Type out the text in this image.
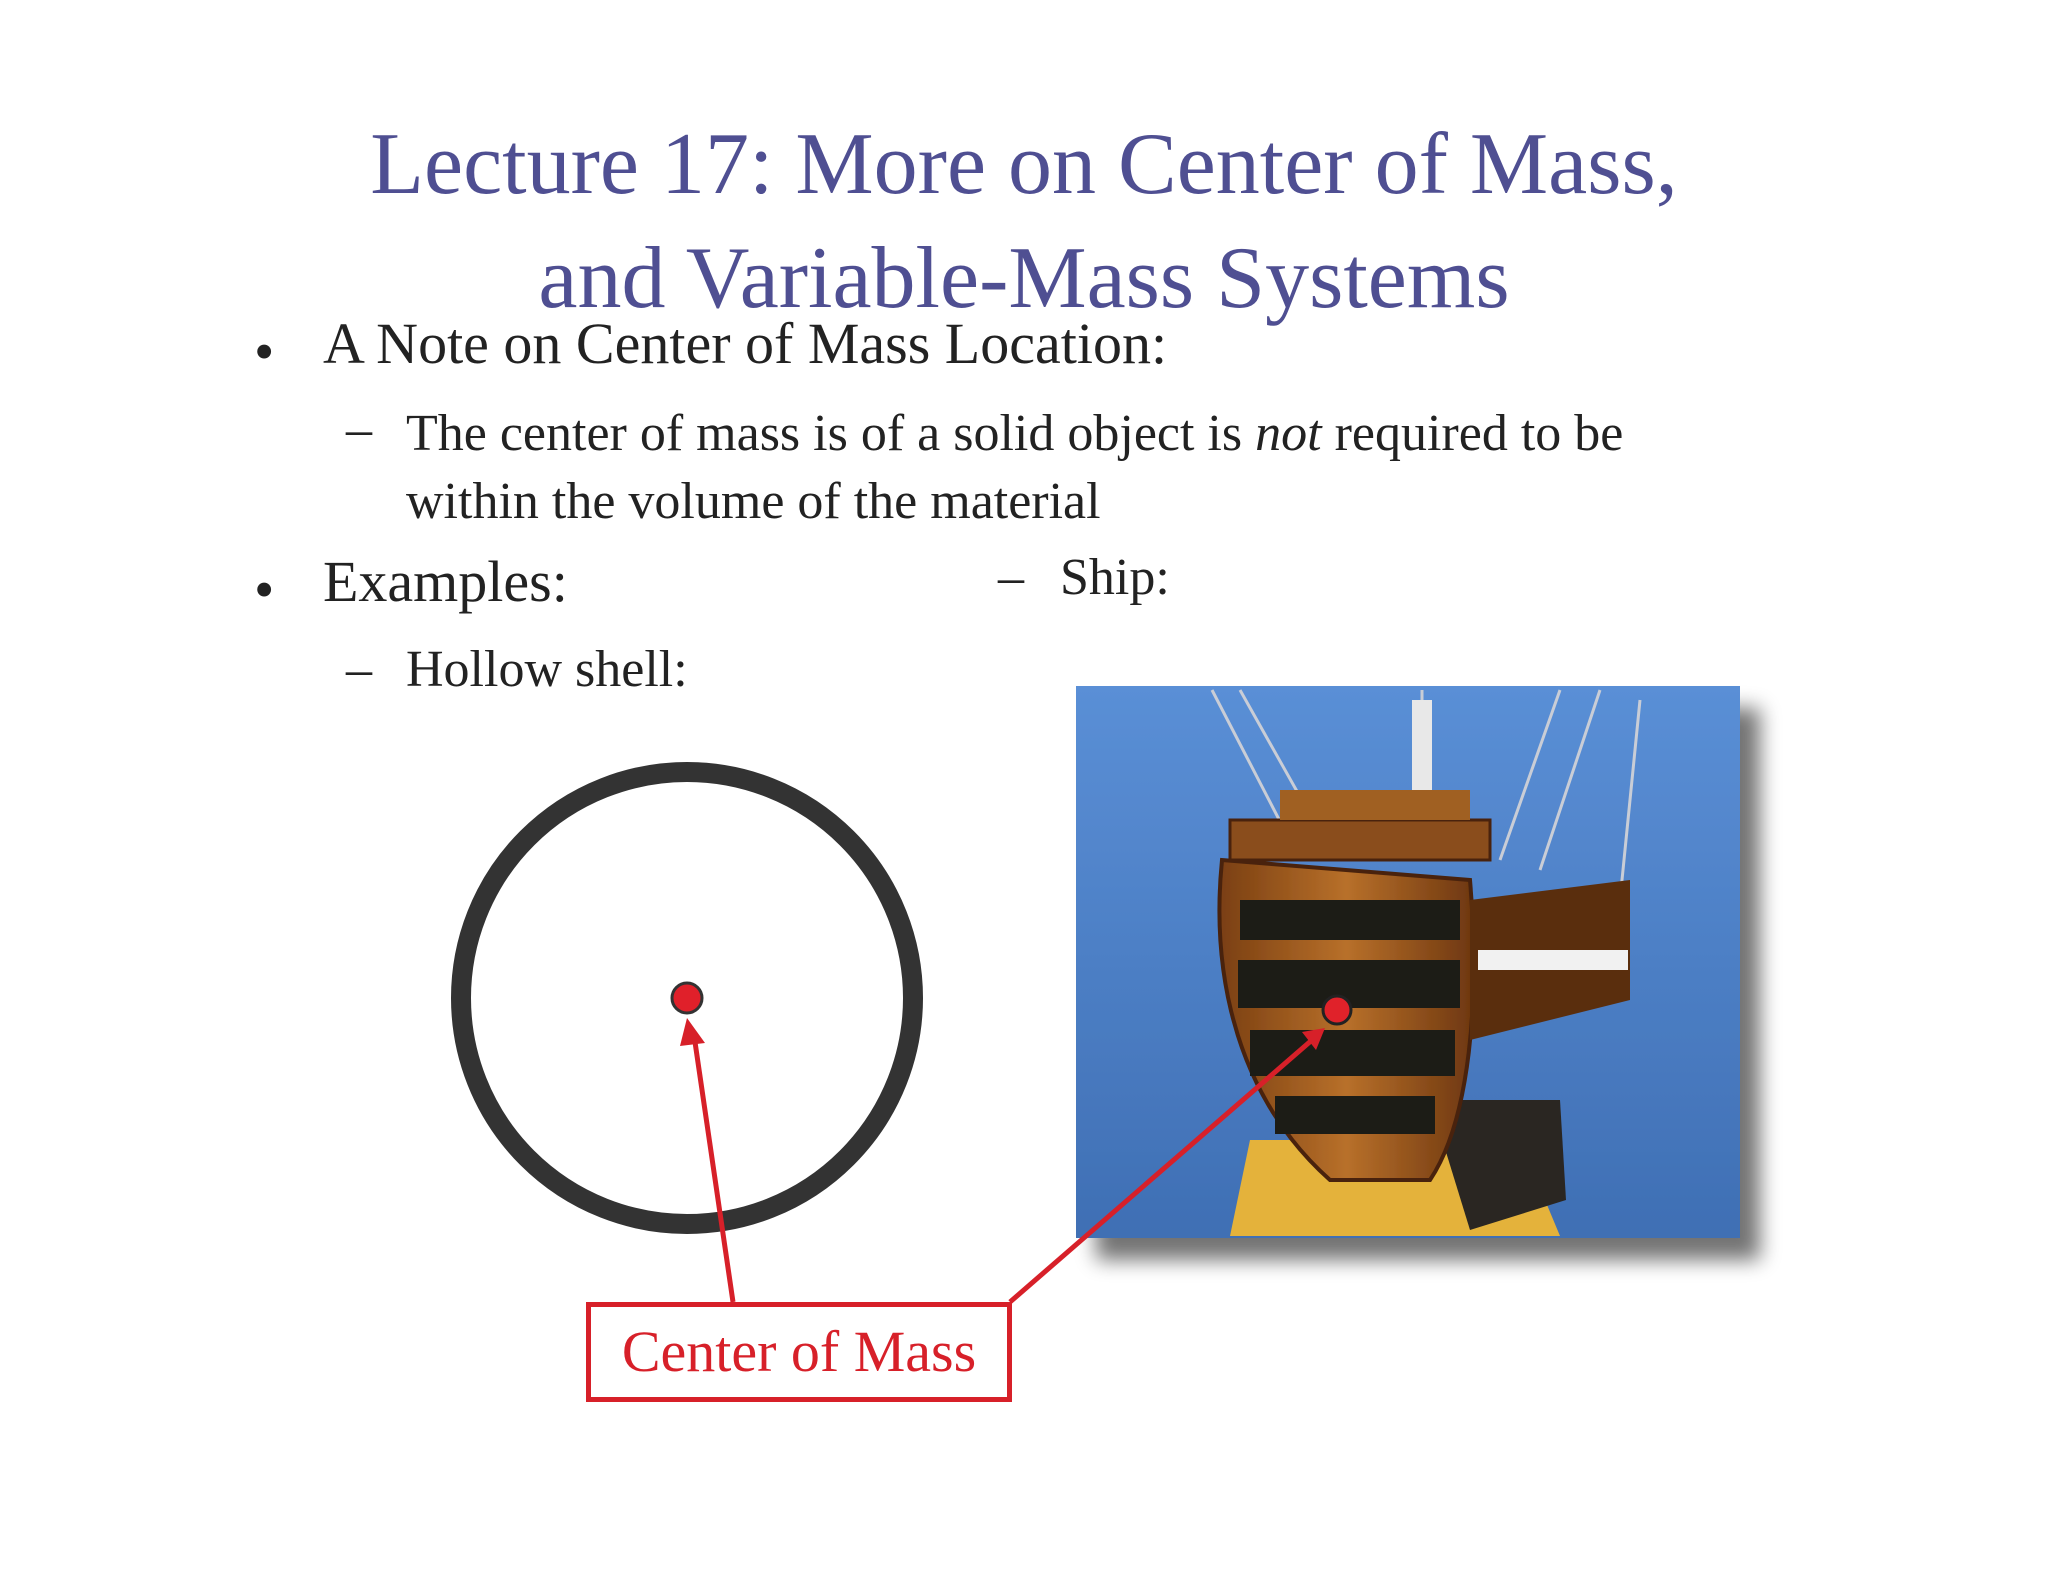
Lecture 17: More on Center of Mass,
and Variable-Mass Systems
• A Note on Center of Mass Location:
– The center of mass is of a solid object is not required to be
within the volume of the material
• Examples:
– Hollow shell:
– Ship:
Center of Mass
